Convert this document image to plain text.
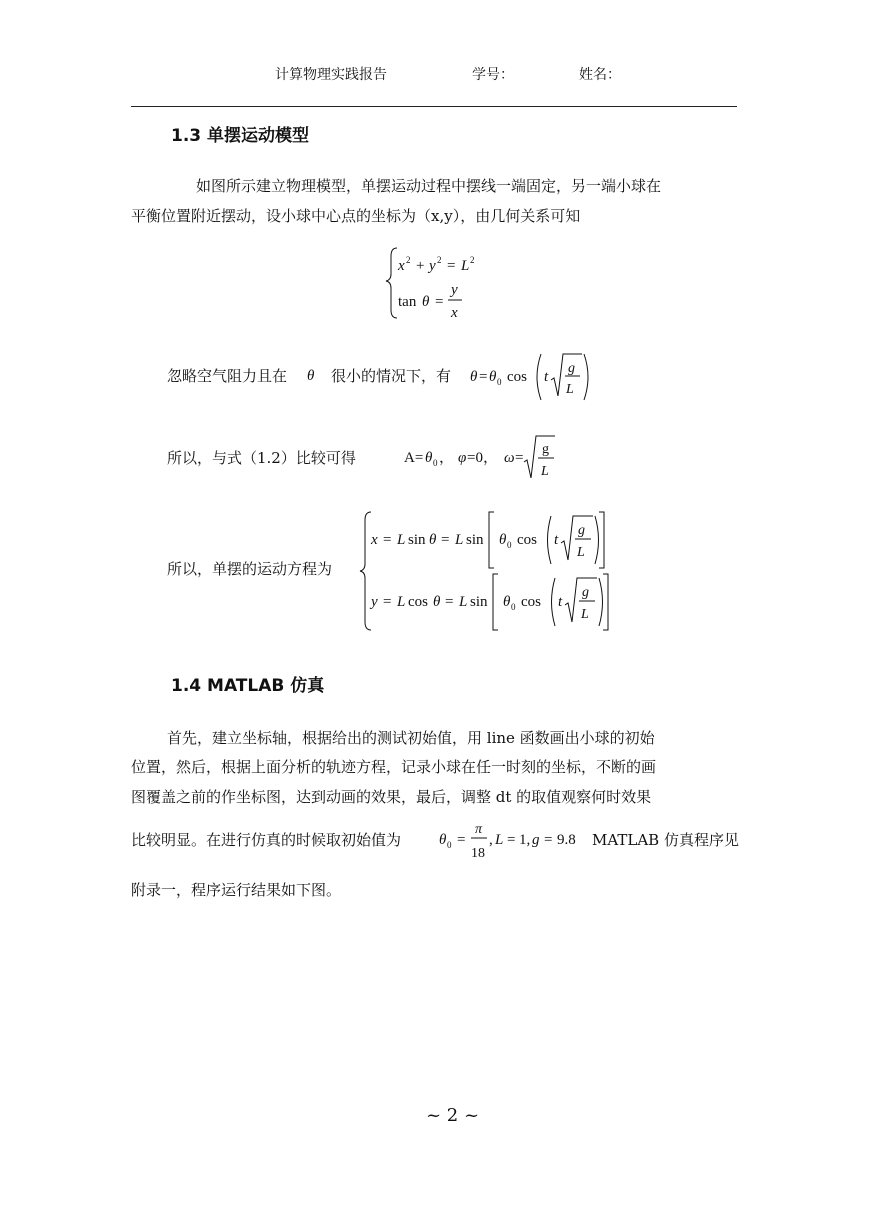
计算物理实践报告	学号：	姓名：
1.3 单摆运动模型
如图所示建立物理模型，单摆运动过程中摆线一端固定，另一端小球在
平衡位置附近摆动，设小球中心点的坐标为（x,y），由几何关系可知
x 2 + y 2 = L 2
tan θ =
y
x
忽略空气阻力且在 θ 很小的情况下，有 θ = θ 0 cos t
g
L
所以，与式（1.2）比较可得	A= θ 0 ， φ =0， ω =
g
L
所以，单摆的运动方程为
x = L sin θ = L sin θ 0 cos t
g
L
y = L cos θ = L sin θ 0 cos t
g
L
1.4 MATLAB 仿真
首先，建立坐标轴，根据给出的测试初始值，用 line 函数画出小球的初始
位置，然后，根据上面分析的轨迹方程，记录小球在任一时刻的坐标，不断的画
图覆盖之前的作坐标图，达到动画的效果，最后，调整 dt 的取值观察何时效果
比较明显。在进行仿真的时候取初始值为	θ 0 =
π
18
, L = 1, g = 9.8 MATLAB 仿真程序见
附录一，程序运行结果如下图。
~ 2 ~
